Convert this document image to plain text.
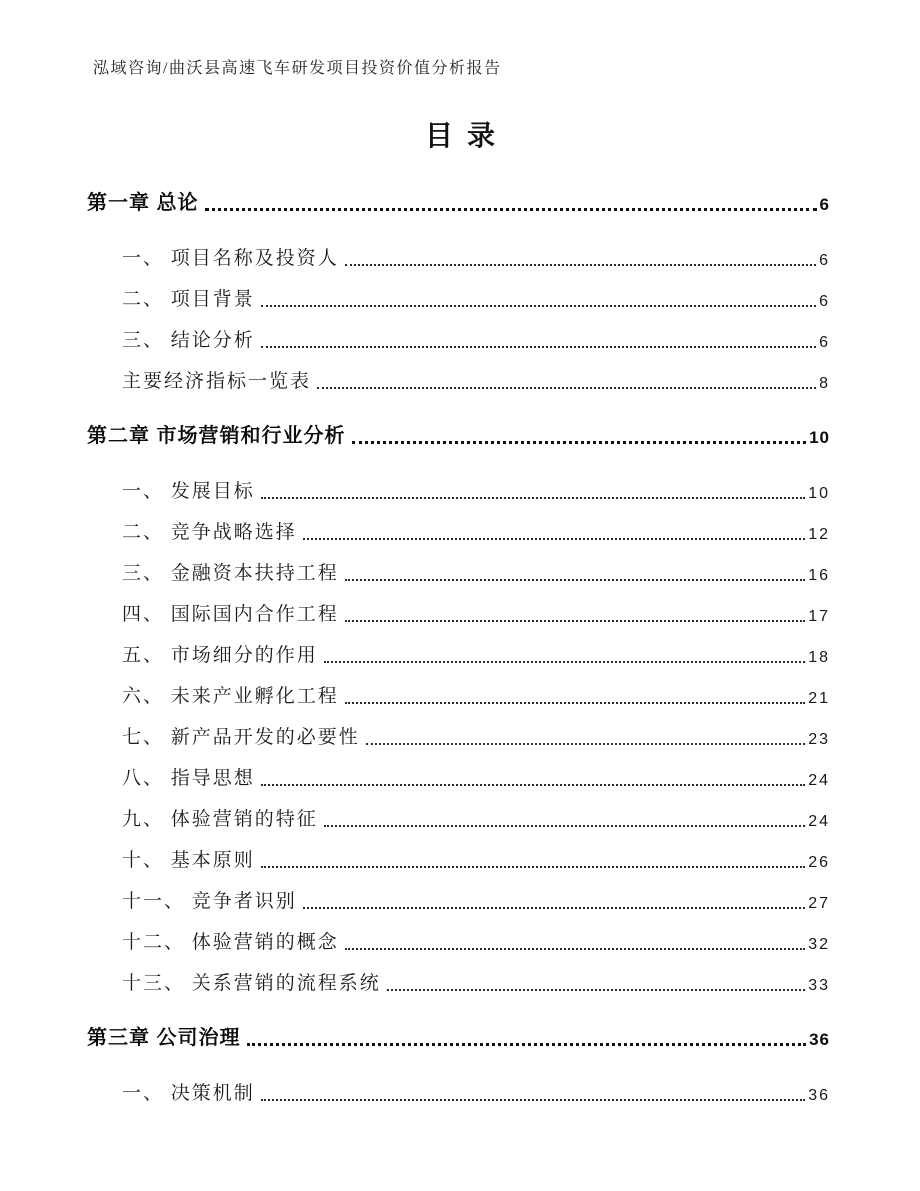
泓域咨询/曲沃县高速飞车研发项目投资价值分析报告
目录
第一章 总论	6
一、 项目名称及投资人	6
二、 项目背景	6
三、 结论分析	6
主要经济指标一览表	8
第二章 市场营销和行业分析	10
一、 发展目标	10
二、 竞争战略选择	12
三、 金融资本扶持工程	16
四、 国际国内合作工程	17
五、 市场细分的作用	18
六、 未来产业孵化工程	21
七、 新产品开发的必要性	23
八、 指导思想	24
九、 体验营销的特征	24
十、 基本原则	26
十一、 竞争者识别	27
十二、 体验营销的概念	32
十三、 关系营销的流程系统	33
第三章 公司治理	36
一、 决策机制	36
